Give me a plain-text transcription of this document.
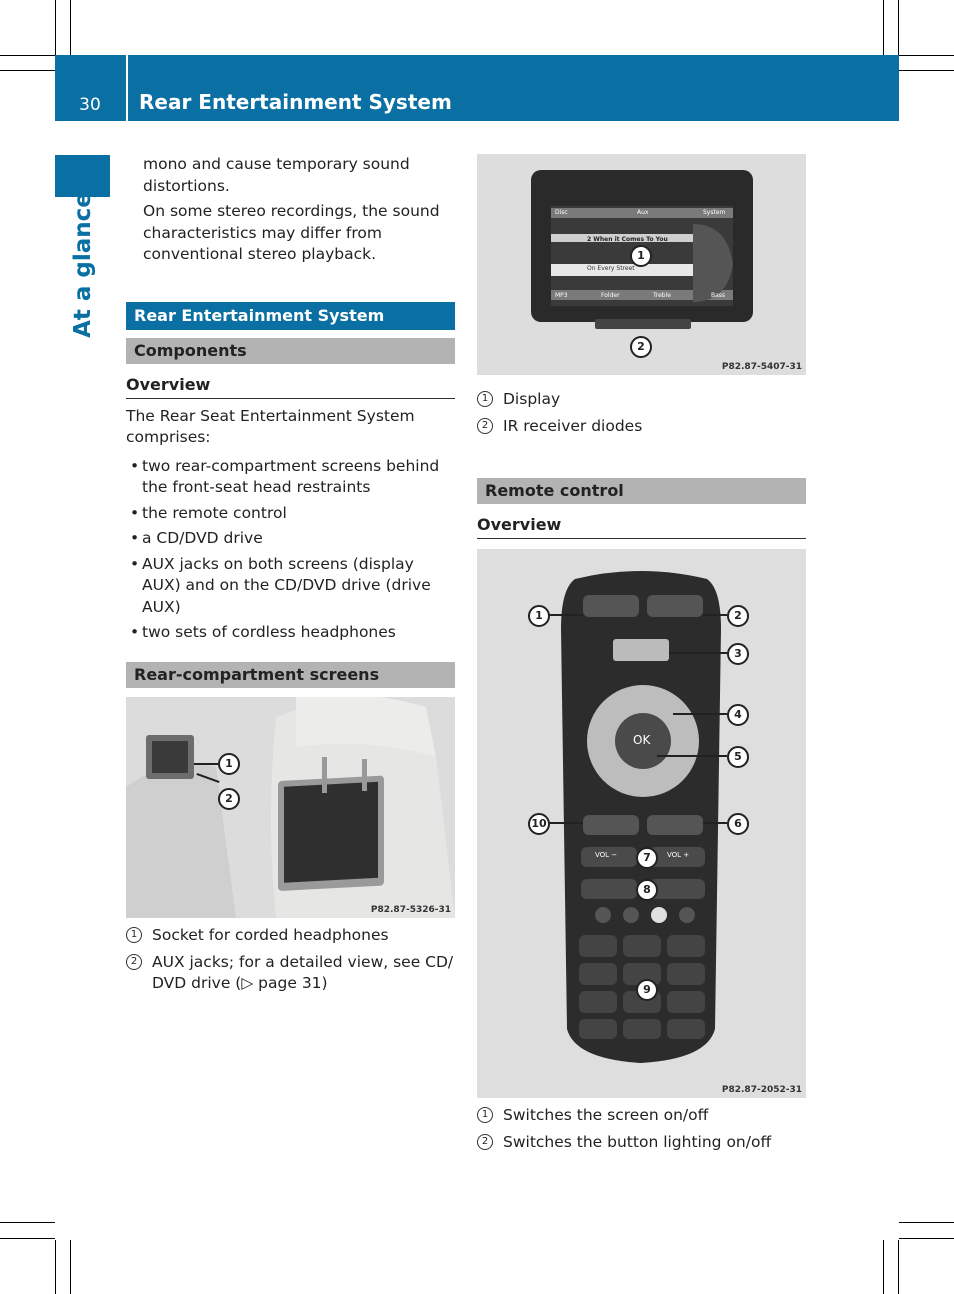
30	Rear Entertainment System
At a glance

mono and cause temporary sound distortions.

On some stereo recordings, the sound characteristics may differ from conventional stereo playback.

Rear Entertainment System
Components
Overview

The Rear Seat Entertainment System comprises:

• two rear-compartment screens behind the front-seat head restraints
• the remote control
• a CD/DVD drive
• AUX jacks on both screens (display AUX) and on the CD/DVD drive (drive AUX)
• two sets of cordless headphones
Rear-compartment screens
1
2
P82.87-5326-31
1 Socket for corded headphones
2 AUX jacks; for a detailed view, see CD/ DVD drive (▷ page 31)
Disc	Aux	System
2 When it Comes To You
On Every Street
MP3	Folder	Treble	Bass
1
2
P82.87-5407-31
1 Display
2 IR receiver diodes
Remote control
Overview
OK
VOL −	VOL +
1	2
3
4
5
6
7
8
9
10
P82.87-2052-31
1 Switches the screen on/off
2 Switches the button lighting on/off
